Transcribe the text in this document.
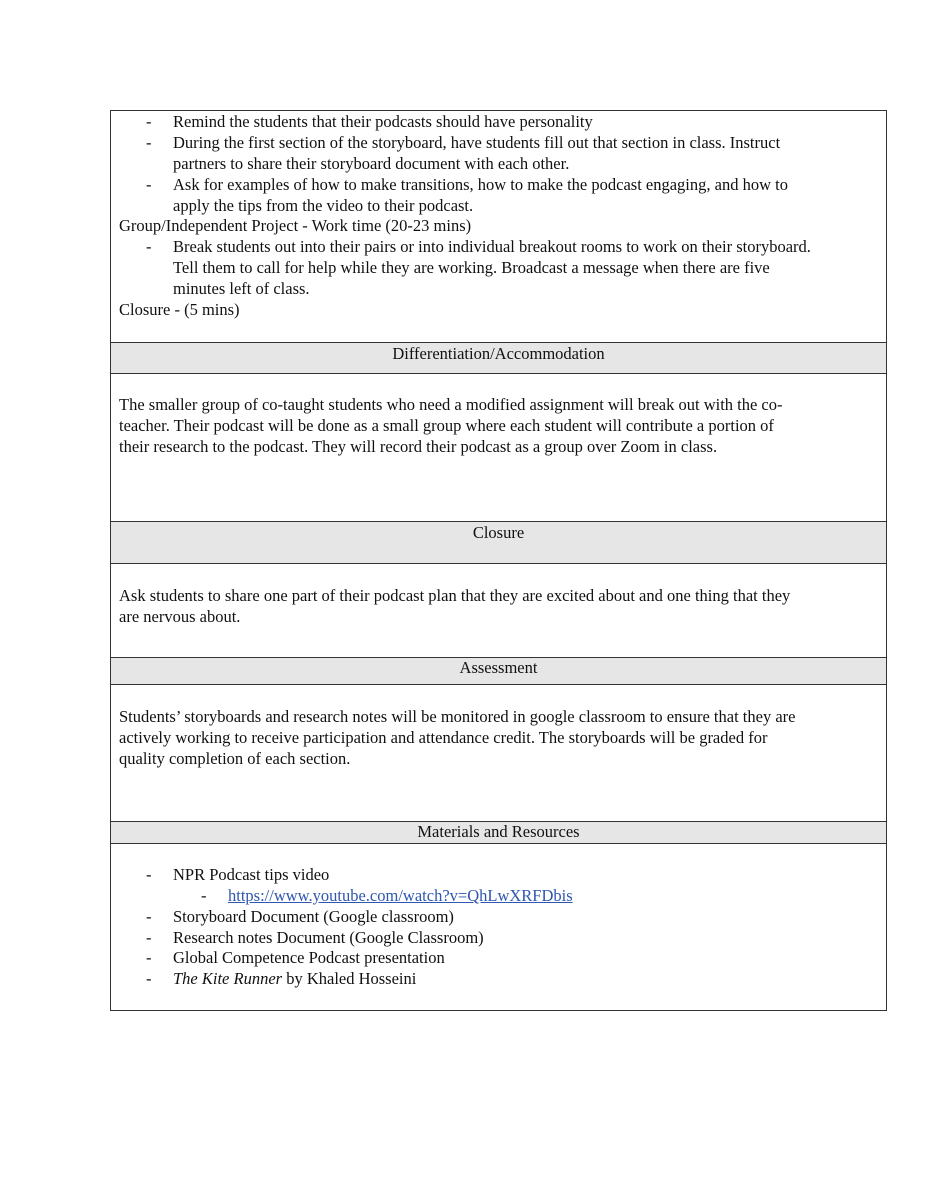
- Remind the students that their podcasts should have personality
- During the first section of the storyboard, have students fill out that section in class. Instruct
partners to share their storyboard document with each other.
- Ask for examples of how to make transitions, how to make the podcast engaging, and how to
apply the tips from the video to their podcast.
Group/Independent Project - Work time (20-23 mins)
- Break students out into their pairs or into individual breakout rooms to work on their storyboard.
Tell them to call for help while they are working. Broadcast a message when there are five
minutes left of class.
Closure - (5 mins)
Differentiation/Accommodation
The smaller group of co-taught students who need a modified assignment will break out with the co-
teacher. Their podcast will be done as a small group where each student will contribute a portion of
their research to the podcast. They will record their podcast as a group over Zoom in class.
Closure
Ask students to share one part of their podcast plan that they are excited about and one thing that they
are nervous about.
Assessment
Students’ storyboards and research notes will be monitored in google classroom to ensure that they are
actively working to receive participation and attendance credit. The storyboards will be graded for
quality completion of each section.
Materials and Resources
- NPR Podcast tips video
- https://www.youtube.com/watch?v=QhLwXRFDbis
- Storyboard Document (Google classroom)
- Research notes Document (Google Classroom)
- Global Competence Podcast presentation
- The Kite Runner by Khaled Hosseini
